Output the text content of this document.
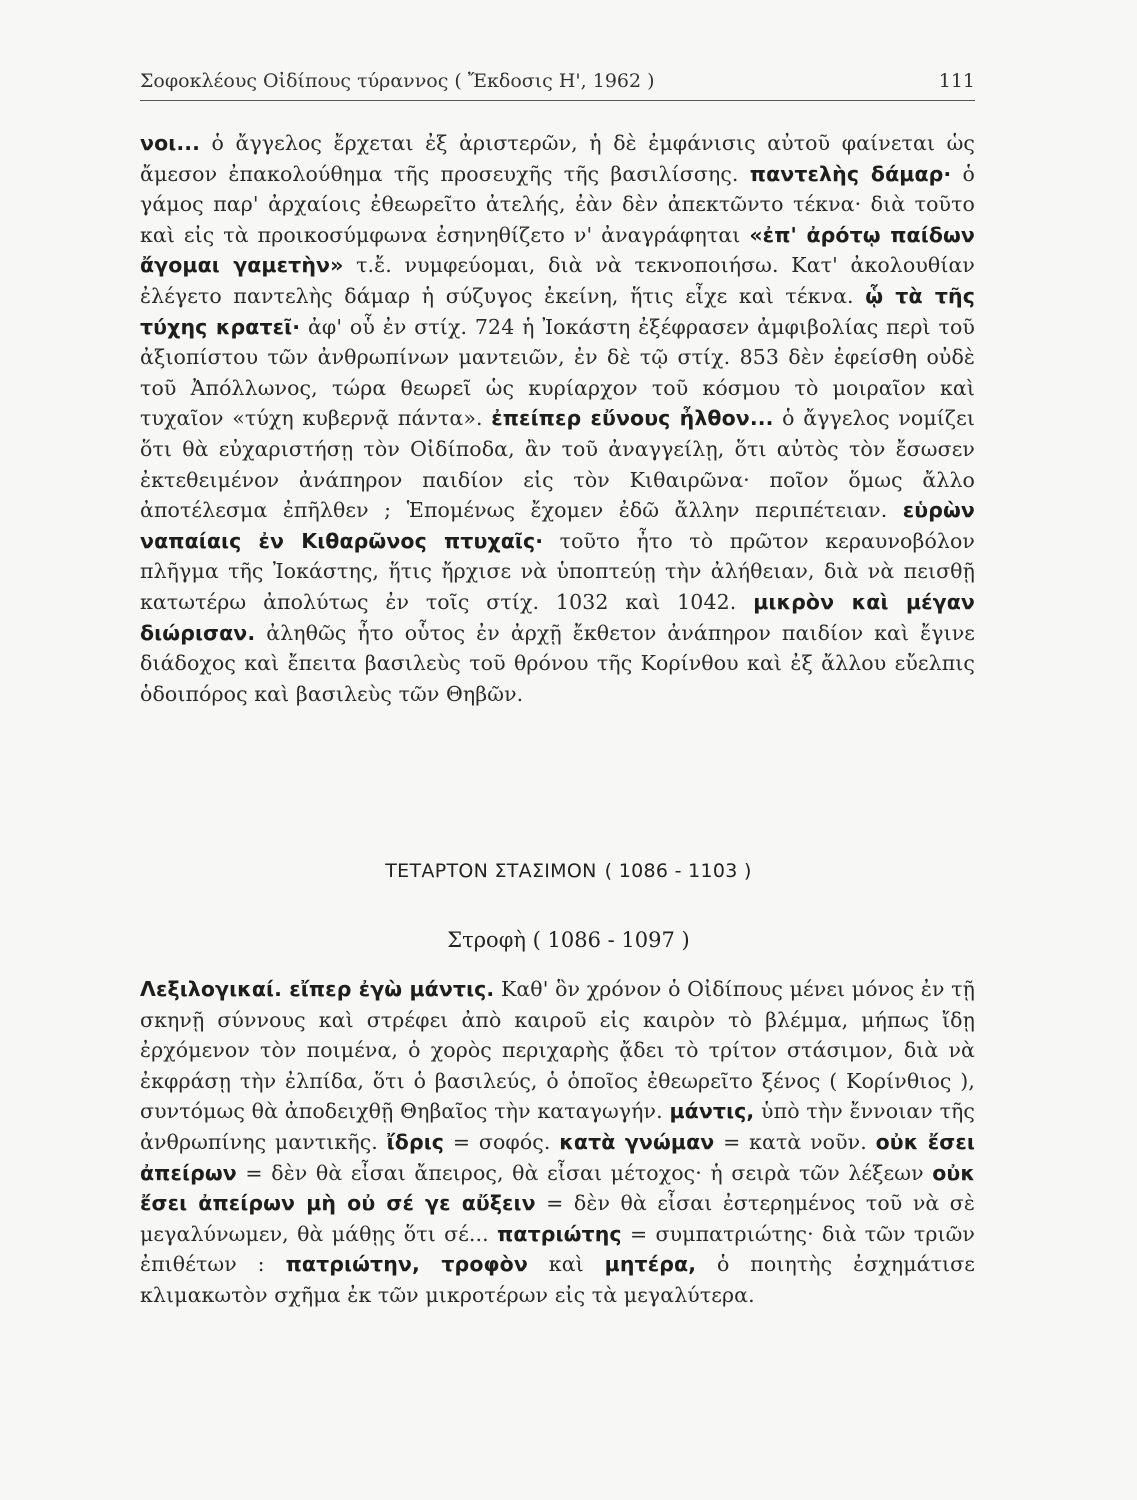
Σοφοκλέους Οἰδίπους τύραννος ( Ἔκδοσις Η', 1962 )	111

νοι... ὁ ἄγγελος ἔρχεται ἐξ ἀριστερῶν, ἡ δὲ ἐμφάνισις αὐτοῦ φαίνεται ὡς ἄμεσον ἐπακολούθημα τῆς προσευχῆς τῆς βασιλίσσης. παντελὴς δάμαρ· ὁ γάμος παρ' ἀρχαίοις ἐθεωρεῖτο ἀτελής, ἐὰν δὲν ἀπεκτῶντο τέκνα· διὰ τοῦτο καὶ εἰς τὰ προικοσύμφωνα ἐσηνηθίζετο ν' ἀναγράφηται «ἐπ' ἀρότῳ παίδων ἄγομαι γαμετὴν» τ.ἔ. νυμφεύομαι, διὰ νὰ τεκνοποιήσω. Κατ' ἀκολουθίαν ἐλέγετο παντελὴς δάμαρ ἡ σύζυγος ἐκείνη, ἥτις εἶχε καὶ τέκνα. ᾧ τὰ τῆς τύχης κρατεῖ· ἀφ' οὗ ἐν στίχ. 724 ἡ Ἰοκάστη ἐξέφρασεν ἀμφιβολίας περὶ τοῦ ἀξιοπίστου τῶν ἀνθρωπίνων μαντειῶν, ἐν δὲ τῷ στίχ. 853 δὲν ἐφείσθη οὐδὲ τοῦ Ἀπόλλωνος, τώρα θεωρεῖ ὡς κυρίαρχον τοῦ κόσμου τὸ μοιραῖον καὶ τυχαῖον «τύχη κυβερνᾷ πάντα». ἐπείπερ εὔνους ἦλθον... ὁ ἄγγελος νομίζει ὅτι θὰ εὐχαριστήσῃ τὸν Οἰδίποδα, ἂν τοῦ ἀναγγείλῃ, ὅτι αὐτὸς τὸν ἔσωσεν ἐκτεθειμένον ἀνάπηρον παιδίον εἰς τὸν Κιθαιρῶνα· ποῖον ὅμως ἄλλο ἀποτέλεσμα ἐπῆλθεν ; Ἑπομένως ἔχομεν ἐδῶ ἄλλην περιπέτειαν. εὑρὼν ναπαίαις ἐν Κιθαρῶνος πτυχαῖς· τοῦτο ἦτο τὸ πρῶτον κεραυνοβόλον πλῆγμα τῆς Ἰοκάστης, ἥτις ἤρχισε νὰ ὑποπτεύῃ τὴν ἀλήθειαν, διὰ νὰ πεισθῇ κατωτέρω ἀπολύτως ἐν τοῖς στίχ. 1032 καὶ 1042. μικρὸν καὶ μέγαν διώρισαν. ἀληθῶς ἦτο οὗτος ἐν ἀρχῇ ἔκθετον ἀνάπηρον παιδίον καὶ ἔγινε διάδοχος καὶ ἔπειτα βασιλεὺς τοῦ θρόνου τῆς Κορίνθου καὶ ἐξ ἄλλου εὔελπις ὁδοιπόρος καὶ βασιλεὺς τῶν Θηβῶν.

ΤΕΤΑΡΤΟΝ ΣΤΑΣΙΜΟΝ ( 1086 - 1103 )
Στροφὴ ( 1086 - 1097 )

Λεξιλογικαί. εἴπερ ἐγὼ μάντις. Καθ' ὃν χρόνον ὁ Οἰδίπους μένει μόνος ἐν τῇ σκηνῇ σύννους καὶ στρέφει ἀπὸ καιροῦ εἰς καιρὸν τὸ βλέμμα, μήπως ἴδῃ ἐρχόμενον τὸν ποιμένα, ὁ χορὸς περιχαρὴς ᾄδει τὸ τρίτον στάσιμον, διὰ νὰ ἐκφράσῃ τὴν ἐλπίδα, ὅτι ὁ βασιλεύς, ὁ ὁποῖος ἐθεωρεῖτο ξένος ( Κορίνθιος ), συντόμως θὰ ἀποδειχθῇ Θηβαῖος τὴν καταγωγήν. μάντις, ὑπὸ τὴν ἔννοιαν τῆς ἀνθρωπίνης μαντικῆς. ἴδρις = σοφός. κατὰ γνώμαν = κατὰ νοῦν. οὐκ ἔσει ἀπείρων = δὲν θὰ εἶσαι ἄπειρος, θὰ εἶσαι μέτοχος· ἡ σειρὰ τῶν λέξεων οὐκ ἔσει ἀπείρων μὴ οὐ σέ γε αὔξειν = δὲν θὰ εἶσαι ἐστερημένος τοῦ νὰ σὲ μεγαλύνωμεν, θὰ μάθῃς ὅτι σέ... πατριώτης = συμπατριώτης· διὰ τῶν τριῶν ἐπιθέτων : πατριώτην, τροφὸν καὶ μητέρα, ὁ ποιητὴς ἐσχημάτισε κλιμακωτὸν σχῆμα ἐκ τῶν μικροτέρων εἰς τὰ μεγαλύτερα.
